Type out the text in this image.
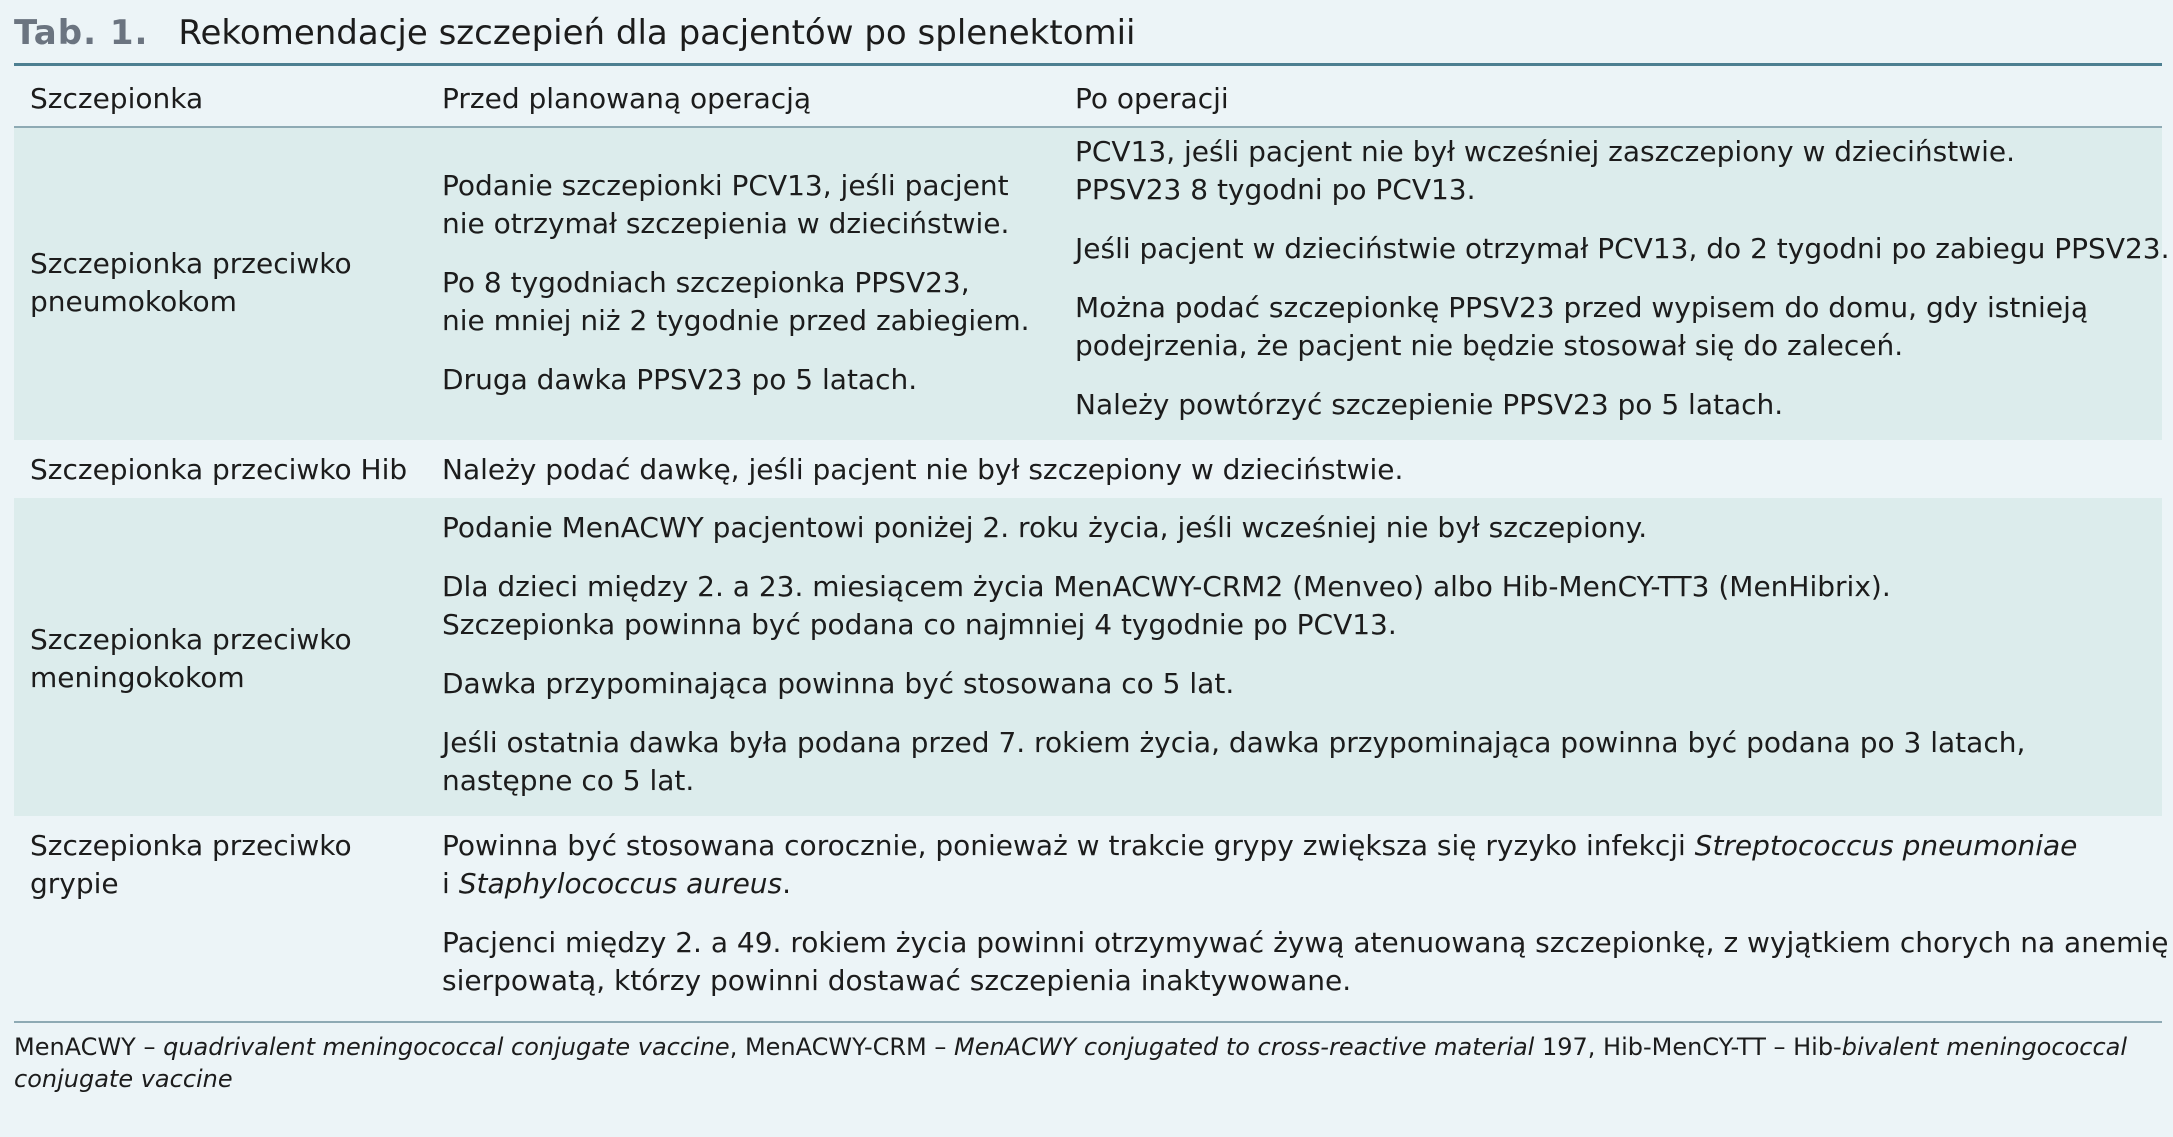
Tab. 1. Rekomendacje szczepień dla pacjentów po splenektomii
Szczepionka	Przed planowaną operacją	Po operacji
Szczepionka przeciwko
pneumokokom

Podanie szczepionki PCV13, jeśli pacjent
nie otrzymał szczepienia w dzieciństwie.

Po 8 tygodniach szczepionka PPSV23,
nie mniej niż 2 tygodnie przed zabiegiem.

Druga dawka PPSV23 po 5 latach.

PCV13, jeśli pacjent nie był wcześniej zaszczepiony w dzieciństwie.
PPSV23 8 tygodni po PCV13.

Jeśli pacjent w dzieciństwie otrzymał PCV13, do 2 tygodni po zabiegu PPSV23.

Można podać szczepionkę PPSV23 przed wypisem do domu, gdy istnieją
podejrzenia, że pacjent nie będzie stosował się do zaleceń.

Należy powtórzyć szczepienie PPSV23 po 5 latach.

Szczepionka przeciwko Hib Należy podać dawkę, jeśli pacjent nie był szczepiony w dzieciństwie.
Szczepionka przeciwko
meningokokom

Podanie MenACWY pacjentowi poniżej 2. roku życia, jeśli wcześniej nie był szczepiony.

Dla dzieci między 2. a 23. miesiącem życia MenACWY-CRM2 (Menveo) albo Hib-MenCY-TT3 (MenHibrix).
Szczepionka powinna być podana co najmniej 4 tygodnie po PCV13.

Dawka przypominająca powinna być stosowana co 5 lat.

Jeśli ostatnia dawka była podana przed 7. rokiem życia, dawka przypominająca powinna być podana po 3 latach,
następne co 5 lat.

Szczepionka przeciwko
grypie

Powinna być stosowana corocznie, ponieważ w trakcie grypy zwiększa się ryzyko infekcji Streptococcus pneumoniae
i Staphylococcus aureus.

Pacjenci między 2. a 49. rokiem życia powinni otrzymywać żywą atenuowaną szczepionkę, z wyjątkiem chorych na anemię
sierpowatą, którzy powinni dostawać szczepienia inaktywowane.

MenACWY – quadrivalent meningococcal conjugate vaccine, MenACWY-CRM – MenACWY conjugated to cross-reactive material 197, Hib-MenCY-TT – Hib-bivalent meningococcal
conjugate vaccine
